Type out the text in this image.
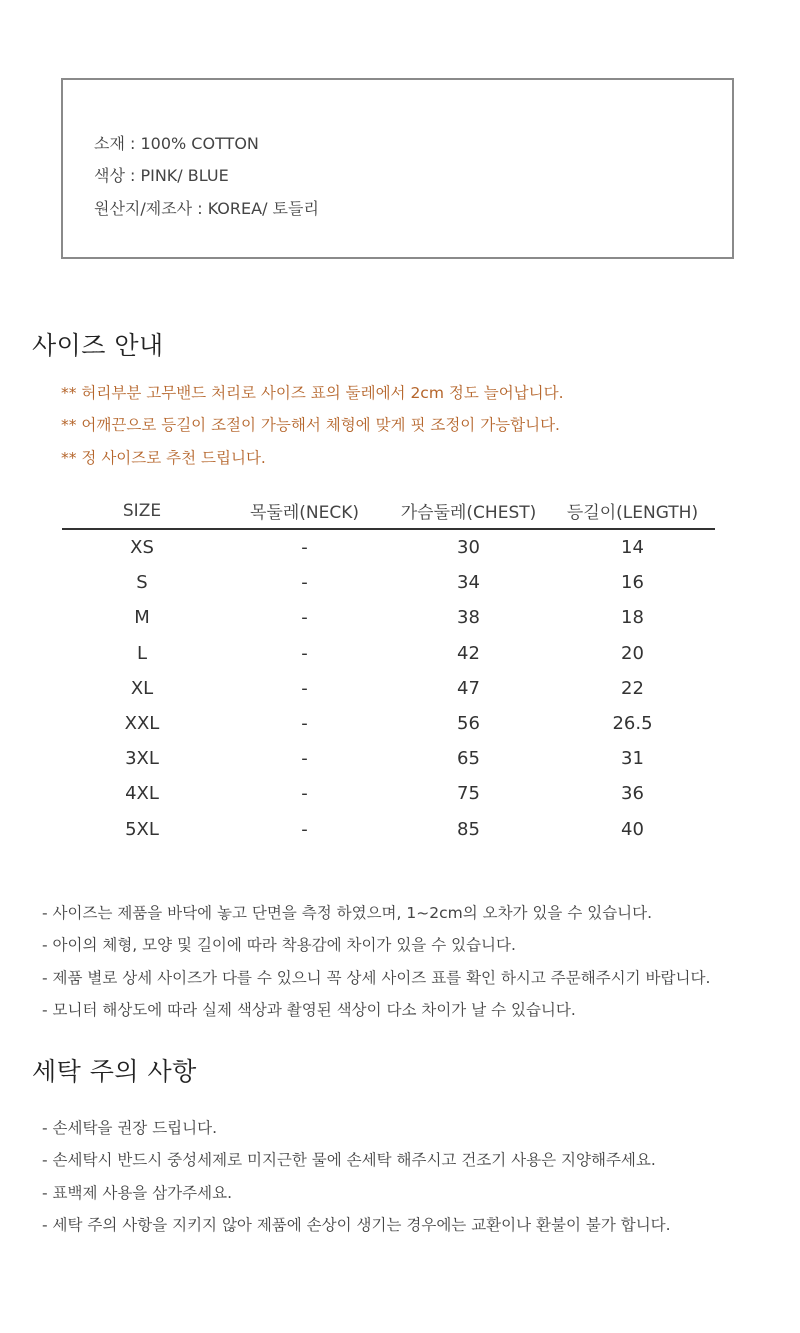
소재 : 100% COTTON
색상 : PINK/ BLUE
원산지/제조사 : KOREA/ 토들리
사이즈 안내
** 허리부분 고무밴드 처리로 사이즈 표의 둘레에서 2cm 정도 늘어납니다.
** 어깨끈으로 등길이 조절이 가능해서 체형에 맞게 핏 조정이 가능합니다.
** 정 사이즈로 추천 드립니다.
SIZE	목둘레(NECK)	가슴둘레(CHEST)	등길이(LENGTH)
XS	-	30	14
S	-	34	16
M	-	38	18
L	-	42	20
XL	-	47	22
XXL	-	56	26.5
3XL	-	65	31
4XL	-	75	36
5XL	-	85	40
- 사이즈는 제품을 바닥에 놓고 단면을 측정 하였으며, 1~2cm의 오차가 있을 수 있습니다.
- 아이의 체형, 모양 및 길이에 따라 착용감에 차이가 있을 수 있습니다.
- 제품 별로 상세 사이즈가 다를 수 있으니 꼭 상세 사이즈 표를 확인 하시고 주문해주시기 바랍니다.
- 모니터 해상도에 따라 실제 색상과 촬영된 색상이 다소 차이가 날 수 있습니다.
세탁 주의 사항
- 손세탁을 권장 드립니다.
- 손세탁시 반드시 중성세제로 미지근한 물에 손세탁 해주시고 건조기 사용은 지양해주세요.
- 표백제 사용을 삼가주세요.
- 세탁 주의 사항을 지키지 않아 제품에 손상이 생기는 경우에는 교환이나 환불이 불가 합니다.
